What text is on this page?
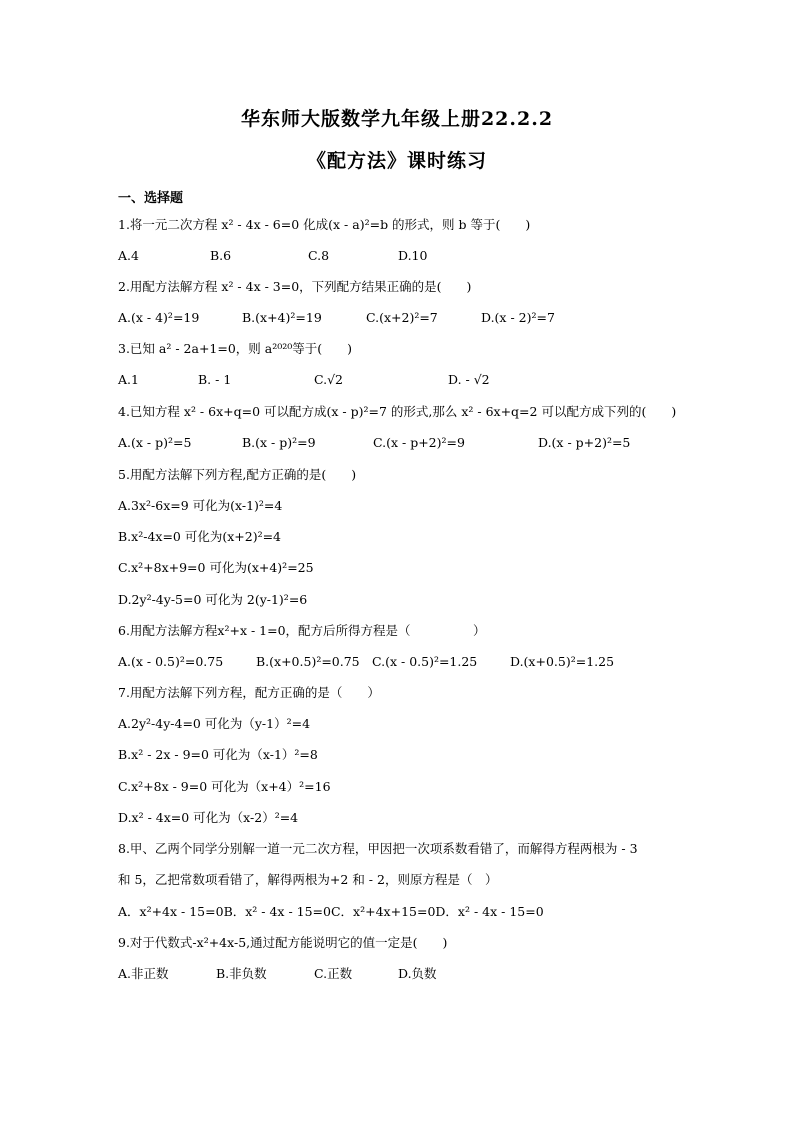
华东师大版数学九年级上册22.2.2
《配方法》课时练习
一、选择题
1.将一元二次方程 x² - 4x - 6=0 化成(x - a)²=b 的形式，则 b 等于(　　)
A.4	B.6	C.8	D.10
2.用配方法解方程 x² - 4x - 3=0，下列配方结果正确的是(　　)
A.(x - 4)²=19	B.(x+4)²=19	C.(x+2)²=7	D.(x - 2)²=7
3.已知 a² - 2a+1=0，则 a²⁰²⁰等于(　　)
A.1	B. - 1	C.√2	D. - √2
4.已知方程 x² - 6x+q=0 可以配方成(x - p)²=7 的形式,那么 x² - 6x+q=2 可以配方成下列的(　　)
A.(x - p)²=5	B.(x - p)²=9	C.(x - p+2)²=9	D.(x - p+2)²=5
5.用配方法解下列方程,配方正确的是(　　)
A.3x²-6x=9 可化为(x-1)²=4
B.x²-4x=0 可化为(x+2)²=4
C.x²+8x+9=0 可化为(x+4)²=25
D.2y²-4y-5=0 可化为 2(y-1)²=6
6.用配方法解方程x²+x - 1=0，配方后所得方程是（　　　　　）
A.(x - 0.5)²=0.75	B.(x+0.5)²=0.75 C.(x - 0.5)²=1.25	D.(x+0.5)²=1.25
7.用配方法解下列方程，配方正确的是（　　）
A.2y²-4y-4=0 可化为（y-1）²=4
B.x² - 2x - 9=0 可化为（x-1）²=8
C.x²+8x - 9=0 可化为（x+4）²=16
D.x² - 4x=0 可化为（x-2）²=4
8.甲、乙两个同学分别解一道一元二次方程，甲因把一次项系数看错了，而解得方程两根为 - 3
和 5，乙把常数项看错了，解得两根为+2 和 - 2，则原方程是（　）
A．x²+4x - 15=0B．x² - 4x - 15=0C．x²+4x+15=0D．x² - 4x - 15=0
9.对于代数式-x²+4x-5,通过配方能说明它的值一定是(　　)
A.非正数	B.非负数	C.正数	D.负数
